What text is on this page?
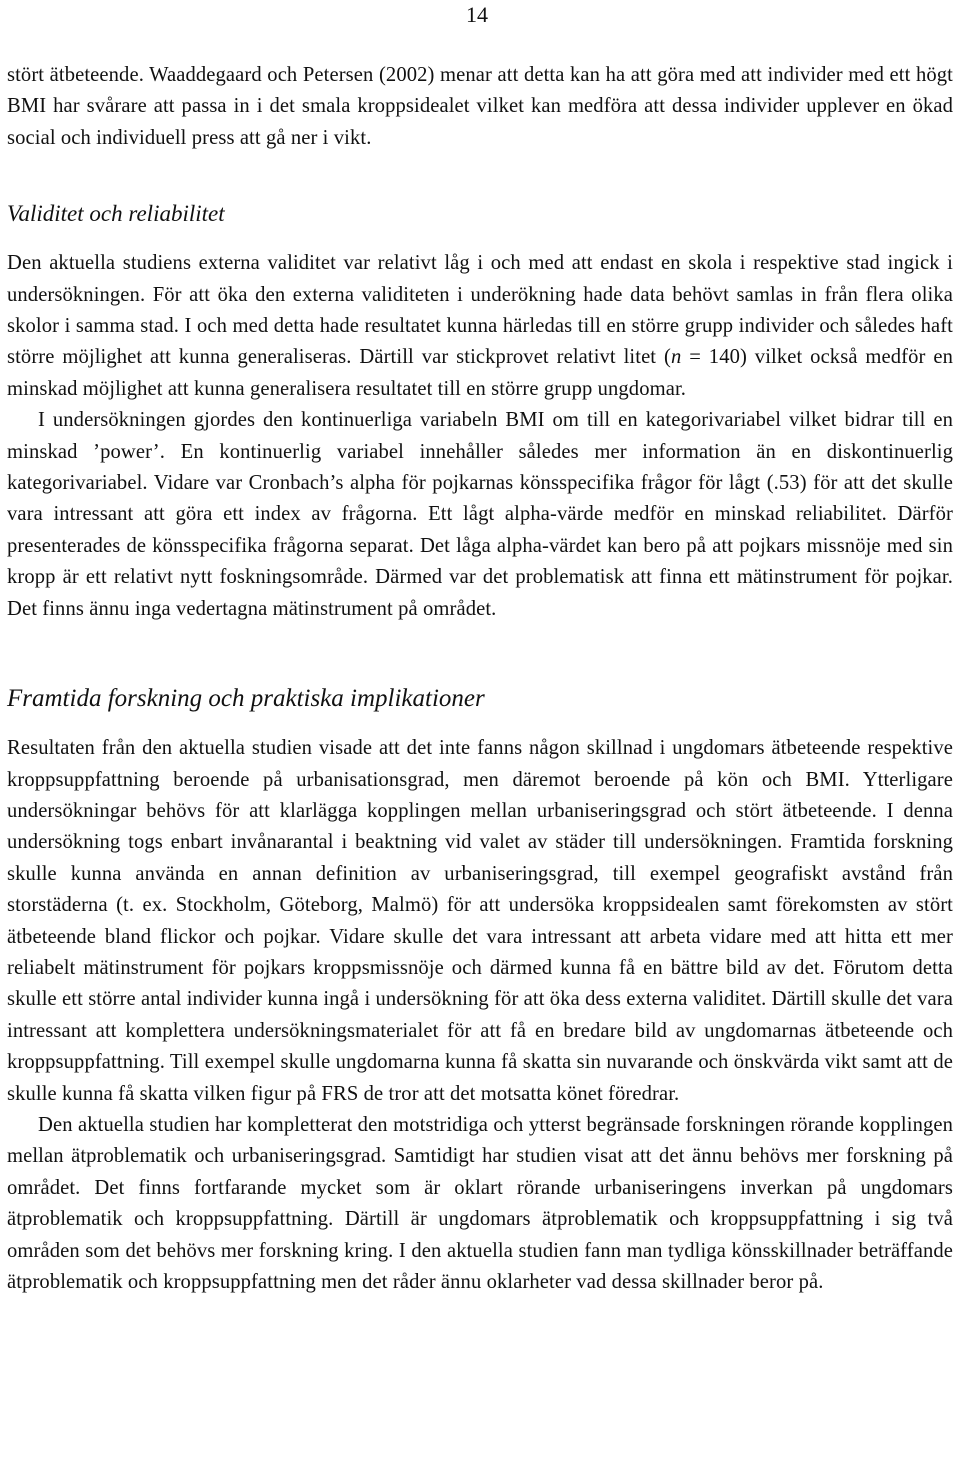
14

stört ätbeteende. Waaddegaard och Petersen (2002) menar att detta kan ha att göra med att individer med ett högt BMI har svårare att passa in i det smala kroppsidealet vilket kan medföra att dessa individer upplever en ökad social och individuell press att gå ner i vikt.

Validitet och reliabilitet

Den aktuella studiens externa validitet var relativt låg i och med att endast en skola i respektive stad ingick i undersökningen. För att öka den externa validiteten i underökning hade data behövt samlas in från flera olika skolor i samma stad. I och med detta hade resultatet kunna härledas till en större grupp individer och således haft större möjlighet att kunna generaliseras. Därtill var stickprovet relativt litet (n = 140) vilket också medför en minskad möjlighet att kunna generalisera resultatet till en större grupp ungdomar.

I undersökningen gjordes den kontinuerliga variabeln BMI om till en kategorivariabel vilket bidrar till en minskad ’power’. En kontinuerlig variabel innehåller således mer information än en diskontinuerlig kategorivariabel. Vidare var Cronbach’s alpha för pojkarnas könsspecifika frågor för lågt (.53) för att det skulle vara intressant att göra ett index av frågorna. Ett lågt alpha-värde medför en minskad reliabilitet. Därför presenterades de könsspecifika frågorna separat. Det låga alpha-värdet kan bero på att pojkars missnöje med sin kropp är ett relativt nytt foskningsområde. Därmed var det problematisk att finna ett mätinstrument för pojkar. Det finns ännu inga vedertagna mätinstrument på området.

Framtida forskning och praktiska implikationer

Resultaten från den aktuella studien visade att det inte fanns någon skillnad i ungdomars ätbeteende respektive kroppsuppfattning beroende på urbanisationsgrad, men däremot beroende på kön och BMI. Ytterligare undersökningar behövs för att klarlägga kopplingen mellan urbaniseringsgrad och stört ätbeteende. I denna undersökning togs enbart invånarantal i beaktning vid valet av städer till undersökningen. Framtida forskning skulle kunna använda en annan definition av urbaniseringsgrad, till exempel geografiskt avstånd från storstäderna (t. ex. Stockholm, Göteborg, Malmö) för att undersöka kroppsidealen samt förekomsten av stört ätbeteende bland flickor och pojkar. Vidare skulle det vara intressant att arbeta vidare med att hitta ett mer reliabelt mätinstrument för pojkars kroppsmissnöje och därmed kunna få en bättre bild av det. Förutom detta skulle ett större antal individer kunna ingå i undersökning för att öka dess externa validitet. Därtill skulle det vara intressant att komplettera undersökningsmaterialet för att få en bredare bild av ungdomarnas ätbeteende och kroppsuppfattning. Till exempel skulle ungdomarna kunna få skatta sin nuvarande och önskvärda vikt samt att de skulle kunna få skatta vilken figur på FRS de tror att det motsatta könet föredrar.

Den aktuella studien har kompletterat den motstridiga och ytterst begränsade forskningen rörande kopplingen mellan ätproblematik och urbaniseringsgrad. Samtidigt har studien visat att det ännu behövs mer forskning på området. Det finns fortfarande mycket som är oklart rörande urbaniseringens inverkan på ungdomars ätproblematik och kroppsuppfattning. Därtill är ungdomars ätproblematik och kroppsuppfattning i sig två områden som det behövs mer forskning kring. I den aktuella studien fann man tydliga könsskillnader beträffande ätproblematik och kroppsuppfattning men det råder ännu oklarheter vad dessa skillnader beror på.
